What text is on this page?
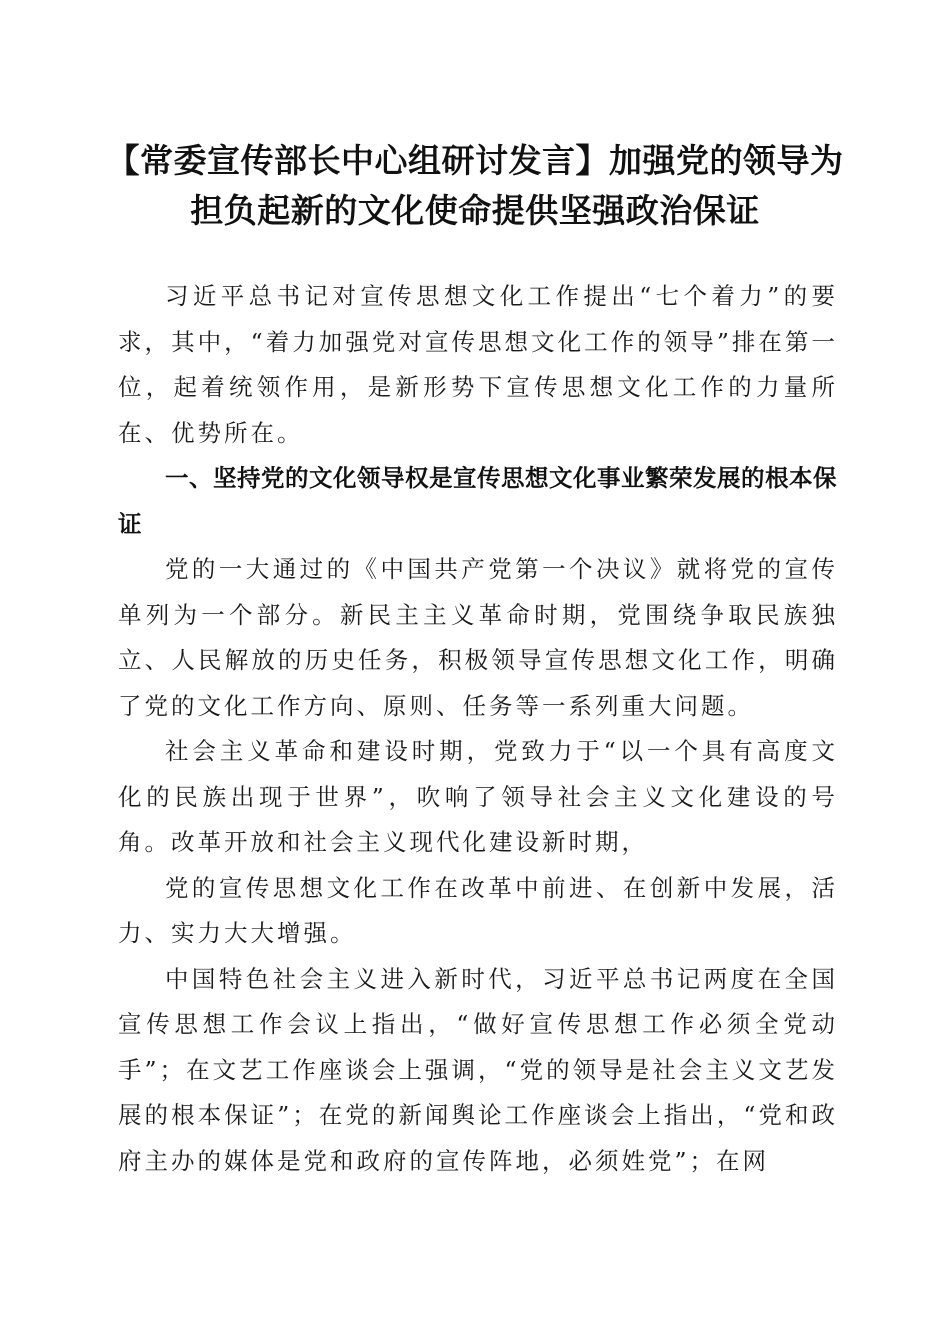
【常委宣传部长中心组研讨发言】加强党的领导为担负起新的文化使命提供坚强政治保证

习近平总书记对宣传思想文化工作提出“七个着力”的要求，其中，“着力加强党对宣传思想文化工作的领导”排在第一位，起着统领作用，是新形势下宣传思想文化工作的力量所在、优势所在。

一、坚持党的文化领导权是宣传思想文化事业繁荣发展的根本保证

党的一大通过的《中国共产党第一个决议》就将党的宣传单列为一个部分。新民主主义革命时期，党围绕争取民族独立、人民解放的历史任务，积极领导宣传思想文化工作，明确了党的文化工作方向、原则、任务等一系列重大问题。

社会主义革命和建设时期，党致力于“以一个具有高度文化的民族出现于世界”，吹响了领导社会主义文化建设的号角。改革开放和社会主义现代化建设新时期，

党的宣传思想文化工作在改革中前进、在创新中发展，活力、实力大大增强。

中国特色社会主义进入新时代，习近平总书记两度在全国宣传思想工作会议上指出，“做好宣传思想工作必须全党动手”；在文艺工作座谈会上强调，“党的领导是社会主义文艺发展的根本保证”；在党的新闻舆论工作座谈会上指出，“党和政府主办的媒体是党和政府的宣传阵地，必须姓党”；在网
